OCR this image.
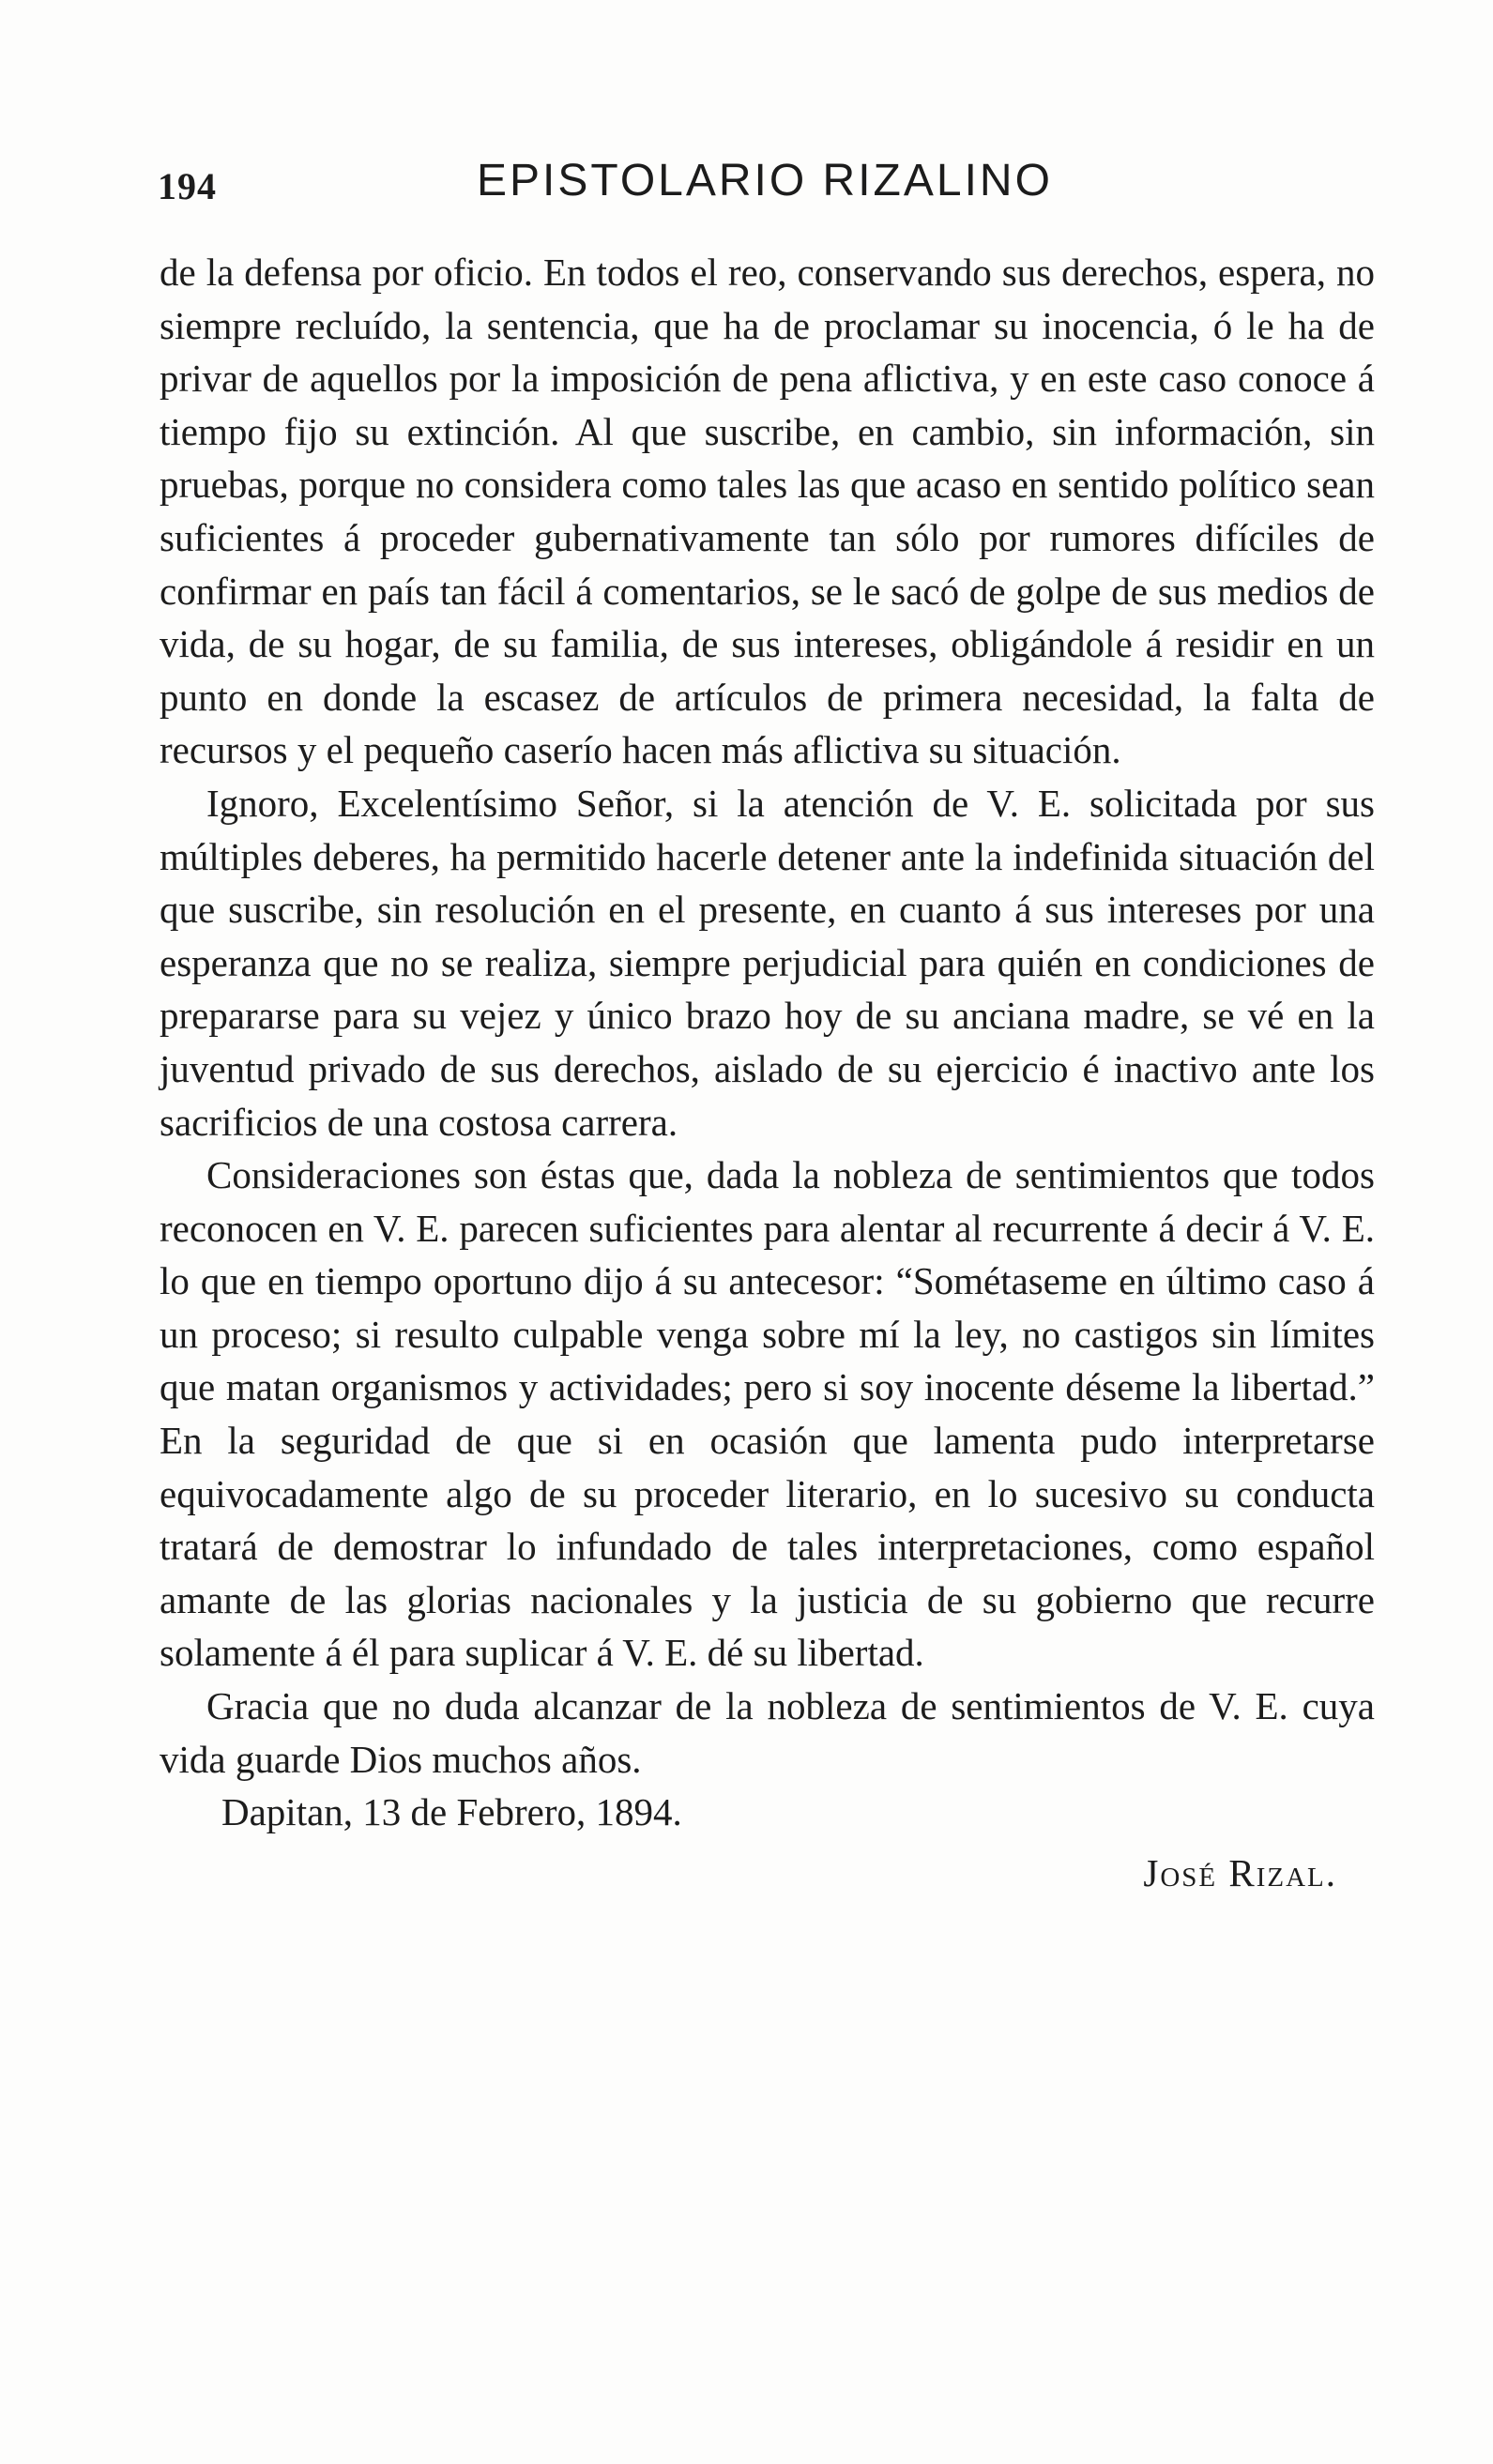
194	EPISTOLARIO RIZALINO

de la defensa por oficio. En todos el reo, conservando sus derechos, espera, no siempre recluído, la sentencia, que ha de proclamar su inocencia, ó le ha de privar de aquellos por la imposición de pena aflictiva, y en este caso conoce á tiempo fijo su extinción. Al que suscribe, en cambio, sin información, sin pruebas, porque no considera como tales las que acaso en sentido político sean suficientes á proceder gubernativamente tan sólo por rumores difíciles de confirmar en país tan fácil á comentarios, se le sacó de golpe de sus medios de vida, de su hogar, de su familia, de sus intereses, obligándole á residir en un punto en donde la escasez de artículos de primera necesidad, la falta de recursos y el pequeño caserío hacen más aflictiva su situación.

Ignoro, Excelentísimo Señor, si la atención de V. E. solicitada por sus múltiples deberes, ha permitido hacerle detener ante la indefinida situación del que suscribe, sin resolución en el presente, en cuanto á sus intereses por una esperanza que no se realiza, siempre perjudicial para quién en condiciones de prepararse para su vejez y único brazo hoy de su anciana madre, se vé en la juventud privado de sus derechos, aislado de su ejercicio é inactivo ante los sacrificios de una costosa carrera.

Consideraciones son éstas que, dada la nobleza de sentimientos que todos reconocen en V. E. parecen suficientes para alentar al recurrente á decir á V. E. lo que en tiempo oportuno dijo á su antecesor: “Sométaseme en último caso á un proceso; si resulto culpable venga sobre mí la ley, no castigos sin límites que matan organismos y actividades; pero si soy inocente déseme la libertad.” En la seguridad de que si en ocasión que lamenta pudo interpretarse equivocadamente algo de su proceder literario, en lo sucesivo su conducta tratará de demostrar lo infundado de tales interpretaciones, como español amante de las glorias nacionales y la justicia de su gobierno que recurre solamente á él para suplicar á V. E. dé su libertad.

Gracia que no duda alcanzar de la nobleza de sentimientos de V. E. cuya vida guarde Dios muchos años.

Dapitan, 13 de Febrero, 1894.

José Rizal.
